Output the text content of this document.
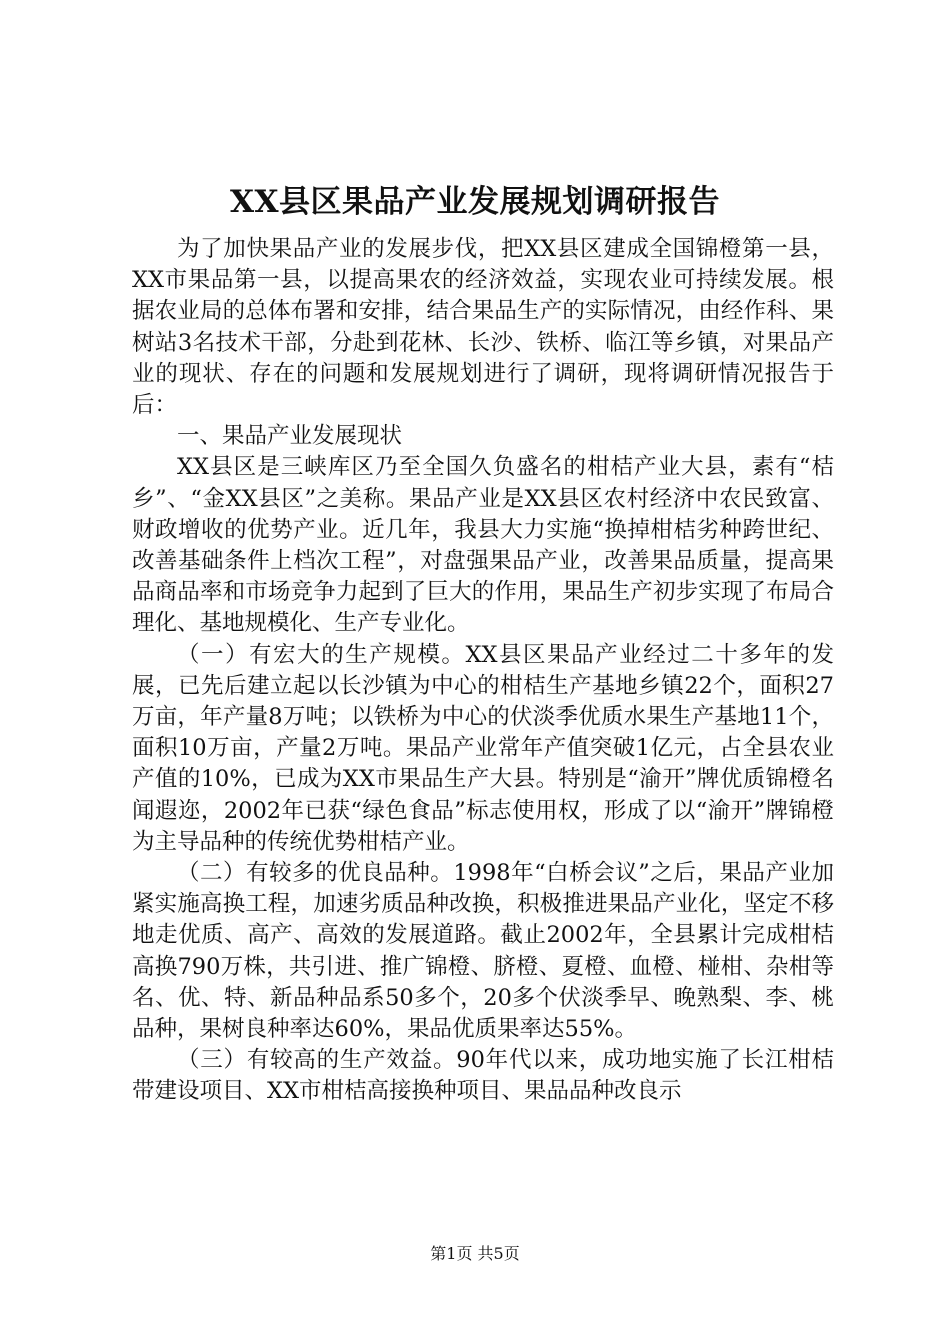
XX县区果品产业发展规划调研报告

为了加快果品产业的发展步伐，把XX县区建成全国锦橙第一县，XX市果品第一县，以提高果农的经济效益，实现农业可持续发展。根据农业局的总体布署和安排，结合果品生产的实际情况，由经作科、果树站3名技术干部，分赴到花林、长沙、铁桥、临江等乡镇，对果品产业的现状、存在的问题和发展规划进行了调研，现将调研情况报告于后：

一、果品产业发展现状

XX县区是三峡库区乃至全国久负盛名的柑桔产业大县，素有“桔乡”、“金XX县区”之美称。果品产业是XX县区农村经济中农民致富、财政增收的优势产业。近几年，我县大力实施“换掉柑桔劣种跨世纪、改善基础条件上档次工程”，对盘强果品产业，改善果品质量，提高果品商品率和市场竞争力起到了巨大的作用，果品生产初步实现了布局合理化、基地规模化、生产专业化。

（一）有宏大的生产规模。XX县区果品产业经过二十多年的发展，已先后建立起以长沙镇为中心的柑桔生产基地乡镇22个，面积27万亩，年产量8万吨；以铁桥为中心的伏淡季优质水果生产基地11个，面积10万亩，产量2万吨。果品产业常年产值突破1亿元，占全县农业产值的10%，已成为XX市果品生产大县。特别是“渝开”牌优质锦橙名闻遐迩，2002年已获“绿色食品”标志使用权，形成了以“渝开”牌锦橙为主导品种的传统优势柑桔产业。

（二）有较多的优良品种。1998年“白桥会议”之后，果品产业加紧实施高换工程，加速劣质品种改换，积极推进果品产业化，坚定不移地走优质、高产、高效的发展道路。截止2002年，全县累计完成柑桔高换790万株，共引进、推广锦橙、脐橙、夏橙、血橙、椪柑、杂柑等名、优、特、新品种品系50多个，20多个伏淡季早、晚熟梨、李、桃品种，果树良种率达60%，果品优质果率达55%。

（三）有较高的生产效益。90年代以来，成功地实施了长江柑桔带建设项目、XX市柑桔高接换种项目、果品品种改良示

第1页 共5页
